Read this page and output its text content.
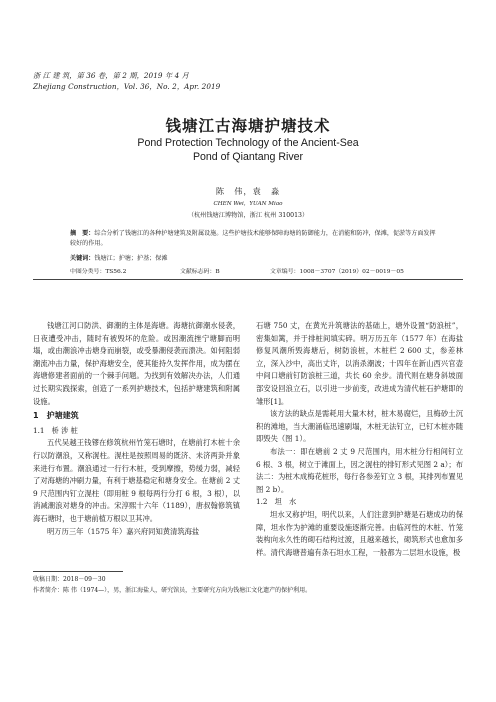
浙 江 建 筑，第 36 卷，第 2 期，2019 年 4 月
Zhejiang Construction，Vol. 36，No. 2，Apr. 2019
钱塘江古海塘护塘技术
Pond Protection Technology of the Ancient-Sea
Pond of Qiantang River
陈　伟，袁　淼
CHEN Wei，YUAN Miao
（杭州钱塘江博物馆，浙江 杭州 310013）
摘　要：综合分析了钱塘江的各种护塘建筑及附属设施。这些护塘技术能够保障海塘的防御能力，在消能和防冲，保滩，促淤等方面发挥较好的作用。
关键词：钱塘江；护塘；护基；保滩
中图分类号：TS56.2	文献标志码：B	文章编号：1008－3707（2019）02－0019－05

钱塘江河口防洪、御潮的主体是海塘。海塘抗御潮水侵袭，日夜遭受冲击，随时有被毁坏的危险。或因潮流挫宁塘脚而明塌，或由潮浪冲击塘身而崩裂，或受暴潮侵袭而溃决。如何阻弱潮流冲击力量，保护海塘安全，使其能持久发挥作用，成为摆在海塘修建者面前的一个棘手问题。为找到有效解决办法，人们通过长期实践探索，创造了一系列护塘技术，包括护塘建筑和附属设施。

1　护塘建筑

1.1　桥 涉 桩

五代吴越王钱镠在修筑杭州竹笼石塘时，在塘前打木桩十余行以防潮浪，又称滉柱。滉柱是按照周易的既济、未济两卦并象来进行布置。潮浪通过一行行木桩，受到摩擦，势缓力弱，减轻了对海塘的冲刷力量，有利于塘基稳定和塘身安全。在塘前 2 丈 9 尺范围内钉立滉柱（即用桩 9 根每两行分打 6 根，3 根），以消减潮浪对塘身的冲击。宋淳熙十六年（1189），唐叔翰修筑镇海石塘时，也于塘前植万根以卫其冲。

明万历三年（1575 年）嘉兴府同知黄清筑海盐

石塘 750 丈，在黄光升筑塘法的基础上，塘外设置“防浪桩”，密集如篱，并于排桩间填实碎。明万历五年（1577 年）在海盐修复风潮所毁海塘后，树防浪桩，木桩栏 2 600 丈，参差林立，深入沙中，高出丈许，以消杀潮波；十四年在新山西兴官壶中间口塘前钉防浪桩三道，共长 60 余步。清代则在塘身斜坡面部安设回浪立石，以引进一步前变，改进成为清代桩石护塘即的雏形[1]。

该方法的缺点是需耗用大量木材，桩木易腐烂，且梅砂土沉积的滩地，当大潮涌临迅速刷塌，木桩无法钉立，已钉木桩亦随即毁失（图 1）。

布法一：即在塘前 2 丈 9 尺范围内，用木桩分行相间钉立 6 根、3 根，树立于滩面上，因之滉柱的排钉形式见图 2 a）；布法二：为桩木成梅花桩形，每行各参差钉立 3 根，其排列布置见图 2 b）。

1.2　坦　水

坦水又称护坦，明代以来，人们注意到护塘是石塘成功的保障，坦水作为护滩的重要设施逐渐完善。由临河性的木桩、竹笼装构向永久性的砌石结构过渡，且越来越长，砌筑形式也愈加多样。清代海塘普遍有条石坦水工程，一般都为二层坦水设施，极

收稿日期：2018－09－30
作者简介：陈 伟（1974—），男，浙江海盐人，研究馆员，主要研究方向为钱塘江文化遗产的保护利用。
